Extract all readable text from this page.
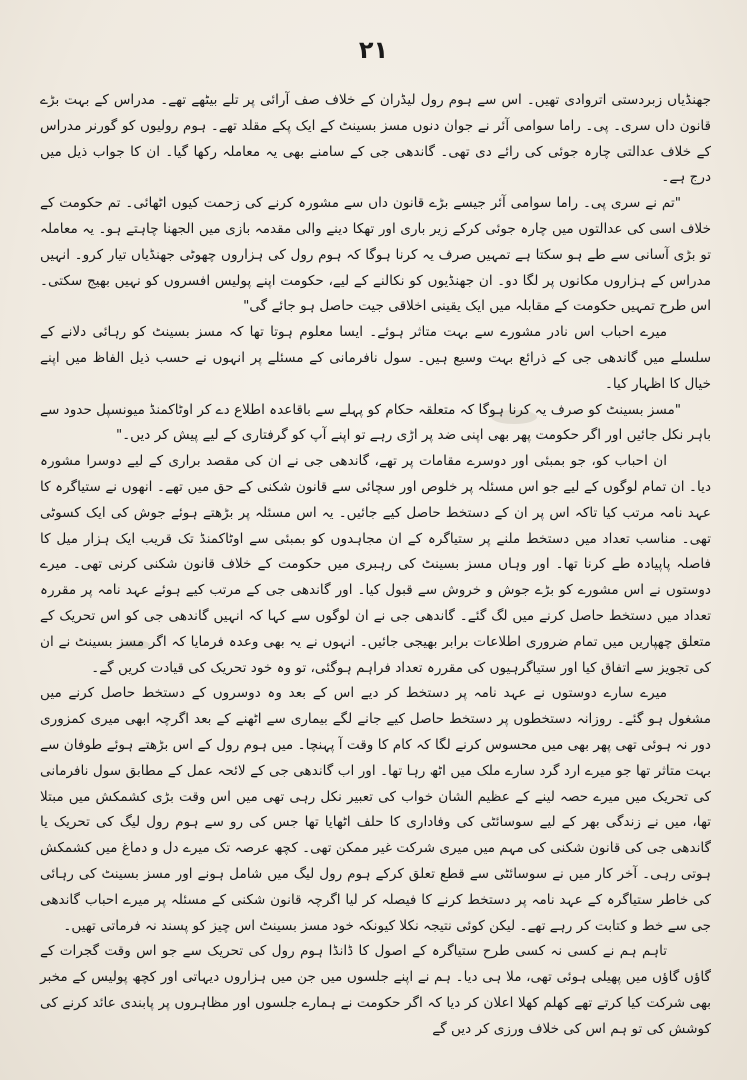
۲۱

جھنڈیاں زبردستی اتروادی تھیں۔ اس سے ہوم رول لیڈران کے خلاف صف آرائی پر تلے بیٹھے تھے۔ مدراس کے بہت بڑے قانون داں سری۔ پی۔ راما سوامی آئر نے جوان دنوں مسز بسینٹ کے ایک پکے مقلد تھے۔ ہوم رولیوں کو گورنر مدراس کے خلاف عدالتی چارہ جوئی کی رائے دی تھی۔ گاندھی جی کے سامنے بھی یہ معاملہ رکھا گیا۔ ان کا جواب ذیل میں درج ہے۔

"تم نے سری پی۔ راما سوامی آئر جیسے بڑے قانون داں سے مشورہ کرنے کی زحمت کیوں اٹھائی۔ تم حکومت کے خلاف اسی کی عدالتوں میں چارہ جوئی کرکے زیر باری اور تھکا دینے والی مقدمہ بازی میں الجھنا چاہتے ہو۔ یہ معاملہ تو بڑی آسانی سے طے ہو سکتا ہے تمہیں صرف یہ کرنا ہوگا کہ ہوم رول کی ہزاروں چھوٹی جھنڈیاں تیار کرو۔ انہیں مدراس کے ہزاروں مکانوں پر لگا دو۔ ان جھنڈیوں کو نکالنے کے لیے، حکومت اپنے پولیس افسروں کو نہیں بھیج سکتی۔ اس طرح تمہیں حکومت کے مقابلہ میں ایک یقینی اخلاقی جیت حاصل ہو جائے گی"

میرے احباب اس نادر مشورے سے بہت متاثر ہوئے۔ ایسا معلوم ہوتا تھا کہ مسز بسینٹ کو رہائی دلانے کے سلسلے میں گاندھی جی کے ذرائع بہت وسیع ہیں۔ سول نافرمانی کے مسئلے پر انہوں نے حسب ذیل الفاظ میں اپنے خیال کا اظہار کیا۔

"مسز بسینٹ کو صرف یہ کرنا ہوگا کہ متعلقہ حکام کو پہلے سے باقاعدہ اطلاع دے کر اوٹاکمنڈ میونسپل حدود سے باہر نکل جائیں اور اگر حکومت پھر بھی اپنی ضد پر اڑی رہے تو اپنے آپ کو گرفتاری کے لیے پیش کر دیں۔"

ان احباب کو، جو بمبئی اور دوسرے مقامات پر تھے، گاندھی جی نے ان کی مقصد براری کے لیے دوسرا مشورہ دیا۔ ان تمام لوگوں کے لیے جو اس مسئلہ پر خلوص اور سچائی سے قانون شکنی کے حق میں تھے۔ انھوں نے ستیاگرہ کا عہد نامہ مرتب کیا تاکہ اس پر ان کے دستخط حاصل کیے جائیں۔ یہ اس مسئلہ پر بڑھتے ہوئے جوش کی ایک کسوٹی تھی۔ مناسب تعداد میں دستخط ملنے پر ستیاگرہ کے ان مجاہدوں کو بمبئی سے اوٹاکمنڈ تک قریب ایک ہزار میل کا فاصلہ پاپیادہ طے کرنا تھا۔ اور وہاں مسز بسینٹ کی رہبری میں حکومت کے خلاف قانون شکنی کرنی تھی۔ میرے دوستوں نے اس مشورے کو بڑے جوش و خروش سے قبول کیا۔ اور گاندھی جی کے مرتب کیے ہوئے عہد نامہ پر مقررہ تعداد میں دستخط حاصل کرنے میں لگ گئے۔ گاندھی جی نے ان لوگوں سے کہا کہ انہیں گاندھی جی کو اس تحریک کے متعلق چھپاریں میں تمام ضروری اطلاعات برابر بھیجی جائیں۔ انہوں نے یہ بھی وعدہ فرمایا کہ اگر مسز بسینٹ نے ان کی تجویز سے اتفاق کیا اور ستیاگرہیوں کی مقررہ تعداد فراہم ہوگئی، تو وہ خود تحریک کی قیادت کریں گے۔

میرے سارے دوستوں نے عہد نامہ پر دستخط کر دیے اس کے بعد وہ دوسروں کے دستخط حاصل کرنے میں مشغول ہو گئے۔ روزانہ دستخطوں پر دستخط حاصل کیے جانے لگے بیماری سے اٹھنے کے بعد اگرچہ ابھی میری کمزوری دور نہ ہوئی تھی پھر بھی میں محسوس کرنے لگا کہ کام کا وقت آ پہنچا۔ میں ہوم رول کے اس بڑھتے ہوئے طوفان سے بہت متاثر تھا جو میرے ارد گرد سارے ملک میں اٹھ رہا تھا۔ اور اب گاندھی جی کے لائحہ عمل کے مطابق سول نافرمانی کی تحریک میں میرے حصہ لینے کے عظیم الشان خواب کی تعبیر نکل رہی تھی میں اس وقت بڑی کشمکش میں مبتلا تھا، میں نے زندگی بھر کے لیے سوسائٹی کی وفاداری کا حلف اٹھایا تھا جس کی رو سے ہوم رول لیگ کی تحریک یا گاندھی جی کی قانون شکنی کی مہم میں میری شرکت غیر ممکن تھی۔ کچھ عرصہ تک میرے دل و دماغ میں کشمکش ہوتی رہی۔ آخر کار میں نے سوسائٹی سے قطع تعلق کرکے ہوم رول لیگ میں شامل ہونے اور مسز بسینٹ کی رہائی کی خاطر ستیاگرہ کے عہد نامہ پر دستخط کرنے کا فیصلہ کر لیا اگرچہ قانون شکنی کے مسئلہ پر میرے احباب گاندھی جی سے خط و کتابت کر رہے تھے۔ لیکن کوئی نتیجہ نکلا کیونکہ خود مسز بسینٹ اس چیز کو پسند نہ فرماتی تھیں۔

تاہم ہم نے کسی نہ کسی طرح ستیاگرہ کے اصول کا ڈانڈا ہوم رول کی تحریک سے جو اس وقت گجرات کے گاؤں گاؤں میں پھیلی ہوئی تھی، ملا ہی دیا۔ ہم نے اپنے جلسوں میں جن میں ہزاروں دیہاتی اور کچھ پولیس کے مخبر بھی شرکت کیا کرتے تھے کھلم کھلا اعلان کر دیا کہ اگر حکومت نے ہمارے جلسوں اور مظاہروں پر پابندی عائد کرنے کی کوشش کی تو ہم اس کی خلاف ورزی کر دیں گے
